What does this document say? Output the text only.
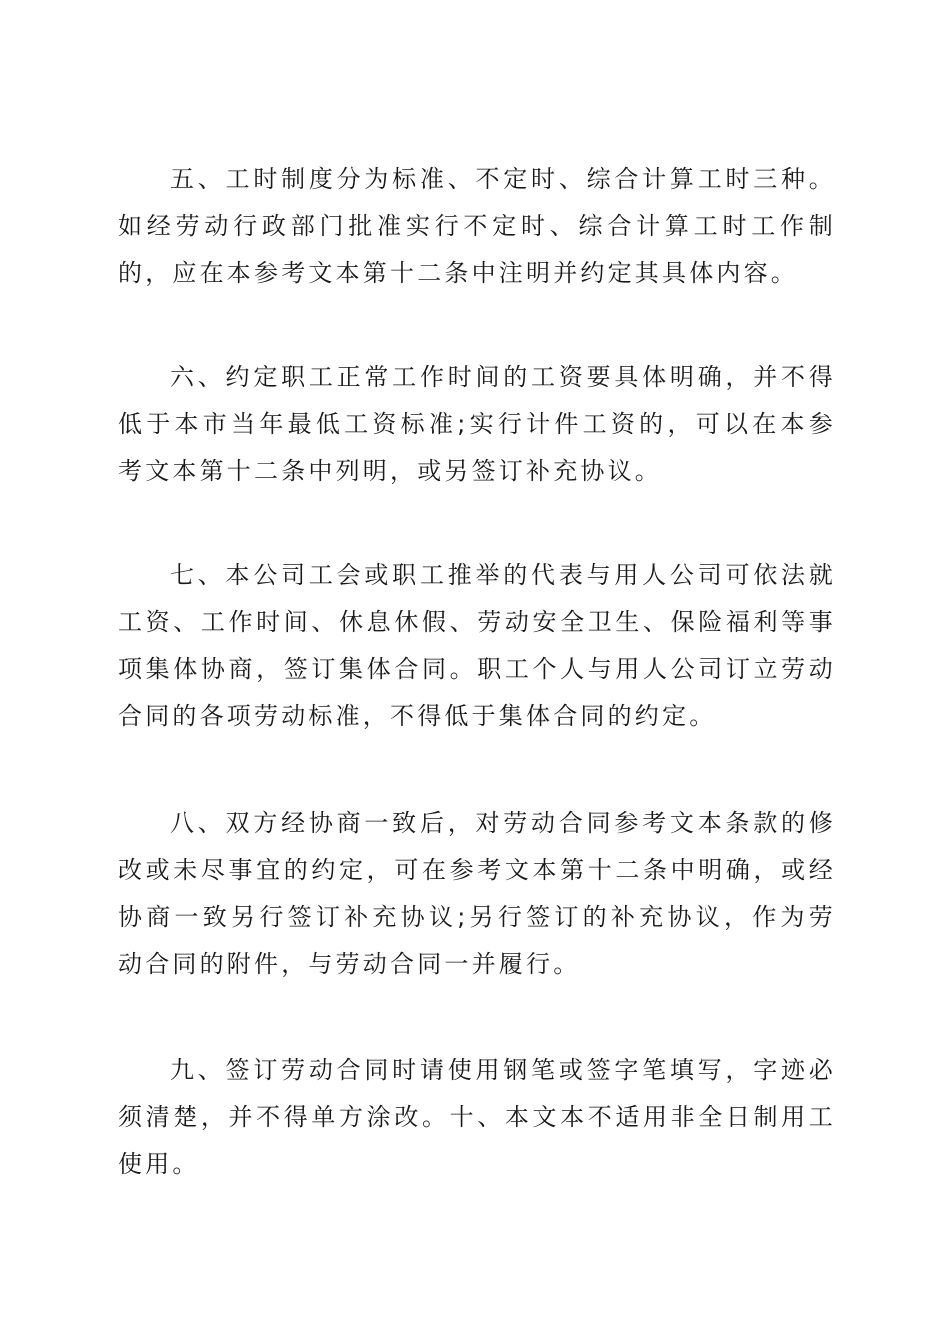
五、工时制度分为标准、不定时、综合计算工时三种。如经劳动行政部门批准实行不定时、综合计算工时工作制的，应在本参考文本第十二条中注明并约定其具体内容。

六、约定职工正常工作时间的工资要具体明确，并不得低于本市当年最低工资标准;实行计件工资的，可以在本参考文本第十二条中列明，或另签订补充协议。

七、本公司工会或职工推举的代表与用人公司可依法就工资、工作时间、休息休假、劳动安全卫生、保险福利等事项集体协商，签订集体合同。职工个人与用人公司订立劳动合同的各项劳动标准，不得低于集体合同的约定。

八、双方经协商一致后，对劳动合同参考文本条款的修改或未尽事宜的约定，可在参考文本第十二条中明确，或经协商一致另行签订补充协议;另行签订的补充协议，作为劳动合同的附件，与劳动合同一并履行。

九、签订劳动合同时请使用钢笔或签字笔填写，字迹必须清楚，并不得单方涂改。十、本文本不适用非全日制用工使用。
